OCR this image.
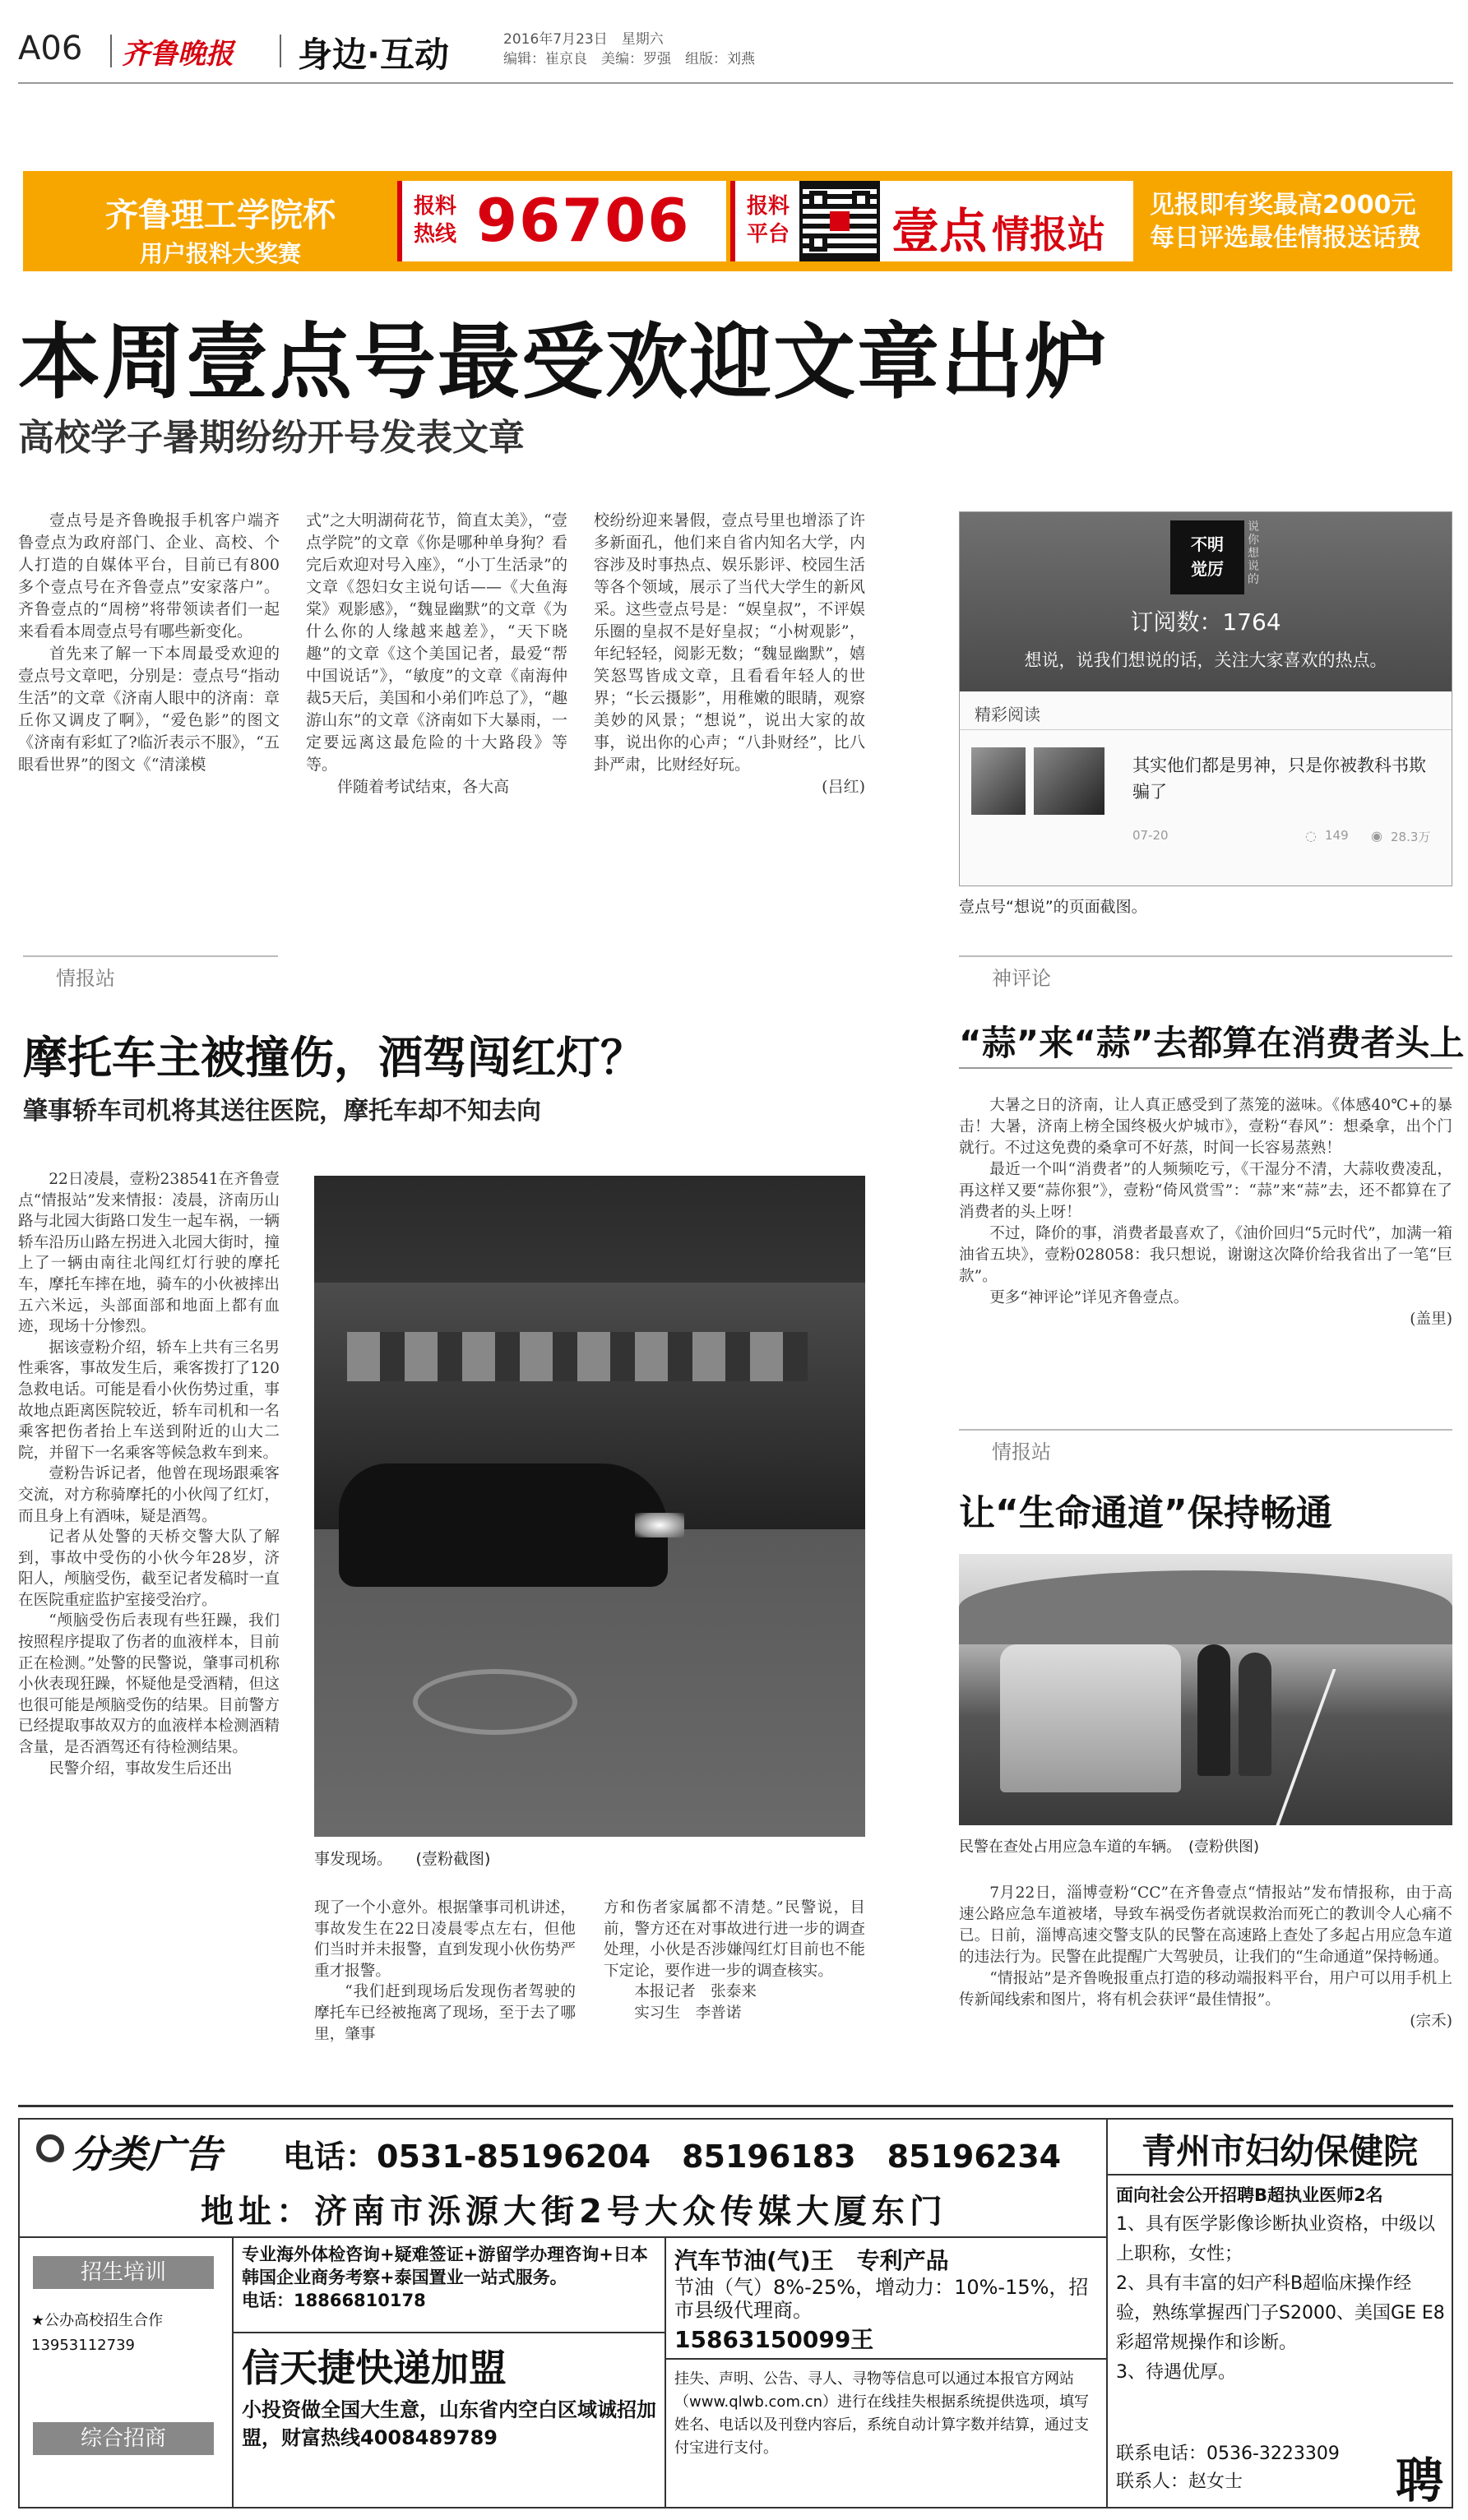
A06 齐鲁晚报 身边·互动	2016年7月23日　 星期六
编辑：崔京良　 美编：罗强　 组版：刘燕
齐鲁理工学院杯
用户报料大奖赛
报料
热线 96706	报料
平台 壹点 情报站
见报即有奖最高2000元
每日评选最佳情报送话费
本周壹点号最受欢迎文章出炉
高校学子暑期纷纷开号发表文章

壹点号是齐鲁晚报手机客户端齐鲁壹点为政府部门、企业、高校、个人打造的自媒体平台，目前已有800多个壹点号在齐鲁壹点”安家落户”。齐鲁壹点的“周榜”将带领读者们一起来看看本周壹点号有哪些新变化。

首先来了解一下本周最受欢迎的壹点号文章吧，分别是：壹点号“指动生活”的文章《济南人眼中的济南：章丘你又调皮了啊》，“爱色影”的图文《济南有彩虹了?临沂表示不服》，“五眼看世界”的图文《“清漾模

式”之大明湖荷花节，简直太美》，“壹点学院”的文章《你是哪种单身狗？看完后欢迎对号入座》，“小丁生活录”的文章《怨妇女主说句话——《大鱼海棠》观影感》，“魏显幽默”的文章《为什么你的人缘越来越差》，“天下晓趣”的文章《这个美国记者，最爱“帮中国说话”》，“敏度”的文章《南海仲裁5天后，美国和小弟们咋总了》，“趣游山东”的文章《济南如下大暴雨，一定要远离这最危险的十大路段》等等。

伴随着考试结束，各大高

校纷纷迎来暑假，壹点号里也增添了许多新面孔，他们来自省内知名大学，内容涉及时事热点、娱乐影评、校园生活等各个领域，展示了当代大学生的新风采。这些壹点号是：“娱皇叔”，不评娱乐圈的皇叔不是好皇叔；“小树观影”，年纪轻轻，阅影无数；“魏显幽默”，嬉笑怒骂皆成文章，且看看年轻人的世界；“长云摄影”，用稚嫩的眼睛，观察美妙的风景；“想说”，说出大家的故事，说出你的心声；“八卦财经”，比八卦严肃，比财经好玩。

(吕红)
不明
觉厉
说你想说的
订阅数：1764
想说，说我们想说的话，关注大家喜欢的热点。
精彩阅读
其实他们都是男神，只是你被教科书欺骗了
07-20	◌ 149 ◉ 28.3万
壹点号“想说”的页面截图。
情报站
摩托车主被撞伤，酒驾闯红灯？
肇事轿车司机将其送往医院，摩托车却不知去向

22日凌晨，壹粉238541在齐鲁壹点“情报站”发来情报：凌晨，济南历山路与北园大街路口发生一起车祸，一辆轿车沿历山路左拐进入北园大街时，撞上了一辆由南往北闯红灯行驶的摩托车，摩托车摔在地，骑车的小伙被摔出五六米远，头部面部和地面上都有血迹，现场十分惨烈。

据该壹粉介绍，轿车上共有三名男性乘客，事故发生后，乘客拨打了120急救电话。可能是看小伙伤势过重，事故地点距离医院较近，轿车司机和一名乘客把伤者抬上车送到附近的山大二院，并留下一名乘客等候急救车到来。

壹粉告诉记者，他曾在现场跟乘客交流，对方称骑摩托的小伙闯了红灯，而且身上有酒味，疑是酒驾。

记者从处警的天桥交警大队了解到，事故中受伤的小伙今年28岁，济阳人，颅脑受伤，截至记者发稿时一直在医院重症监护室接受治疗。

“颅脑受伤后表现有些狂躁，我们按照程序提取了伤者的血液样本，目前正在检测。”处警的民警说，肇事司机称小伙表现狂躁，怀疑他是受酒精，但这也很可能是颅脑受伤的结果。目前警方已经提取事故双方的血液样本检测酒精含量，是否酒驾还有待检测结果。

民警介绍，事故发生后还出

事发现场。　　 (壹粉截图)

现了一个小意外。根据肇事司机讲述，事故发生在22日凌晨零点左右，但他们当时并未报警，直到发现小伙伤势严重才报警。

“我们赶到现场后发现伤者驾驶的摩托车已经被拖离了现场，至于去了哪里，肇事

方和伤者家属都不清楚。”民警说，目前，警方还在对事故进行进一步的调查处理，小伙是否涉嫌闯红灯目前也不能下定论，要作进一步的调查核实。

本报记者　张泰来
实习生　李普诺
神评论
“蒜”来“蒜”去都算在消费者头上

大暑之日的济南，让人真正感受到了蒸笼的滋味。《体感40℃+的暴击！大暑，济南上榜全国终极火炉城市》，壹粉“春风”：想桑拿，出个门就行。不过这免费的桑拿可不好蒸，时间一长容易蒸熟！

最近一个叫“消费者”的人频频吃亏，《干湿分不清，大蒜收费凌乱，再这样又要“蒜你狠”》，壹粉“倚风赏雪”：“蒜”来“蒜”去，还不都算在了消费者的头上呀！

不过，降价的事，消费者最喜欢了，《油价回归“5元时代”，加满一箱油省五块》，壹粉028058：我只想说，谢谢这次降价给我省出了一笔“巨款”。

更多“神评论”详见齐鲁壹点。

(盖里)
情报站
让“生命通道”保持畅通
民警在查处占用应急车道的车辆。　 (壹粉供图)

7月22日，淄博壹粉“CC”在齐鲁壹点“情报站”发布情报称，由于高速公路应急车道被堵，导致车祸受伤者就误救治而死亡的教训令人心痛不已。日前，淄博高速交警支队的民警在高速路上查处了多起占用应急车道的违法行为。民警在此提醒广大驾驶员，让我们的“生命通道”保持畅通。

“情报站”是齐鲁晚报重点打造的移动端报料平台，用户可以用手机上传新闻线索和图片，将有机会获评“最佳情报”。

(宗禾)
分类广告 电话：0531-85196204　85196183　85196234
地址：济南市泺源大街2号大众传媒大厦东门
招生培训
★公办高校招生合作
13953112739
综合招商
专业海外体检咨询+疑难签证+游留学办理咨询+日本韩国企业商务考察+泰国置业一站式服务。
电话：18866810178
信天捷快递加盟
小投资做全国大生意，山东省内空白区域诚招加盟，财富热线4008489789
汽车节油(气)王　专利产品
节油（气）8%-25%，增动力：10%-15%，招市县级代理商。
15863150099王
挂失、声明、公告、寻人、寻物等信息可以通过本报官方网站（www.qlwb.com.cn）进行在线挂失根据系统提供选项，填写姓名、电话以及刊登内容后，系统自动计算字数并结算，通过支付宝进行支付。
青州市妇幼保健院
面向社会公开招聘B超执业医师2名
1、具有医学影像诊断执业资格，中级以上职称，女性；
2、具有丰富的妇产科B超临床操作经验，熟练掌握西门子S2000、美国GE E8彩超常规操作和诊断。
3、待遇优厚。
联系电话：0536-3223309
联系人：赵女士	聘
